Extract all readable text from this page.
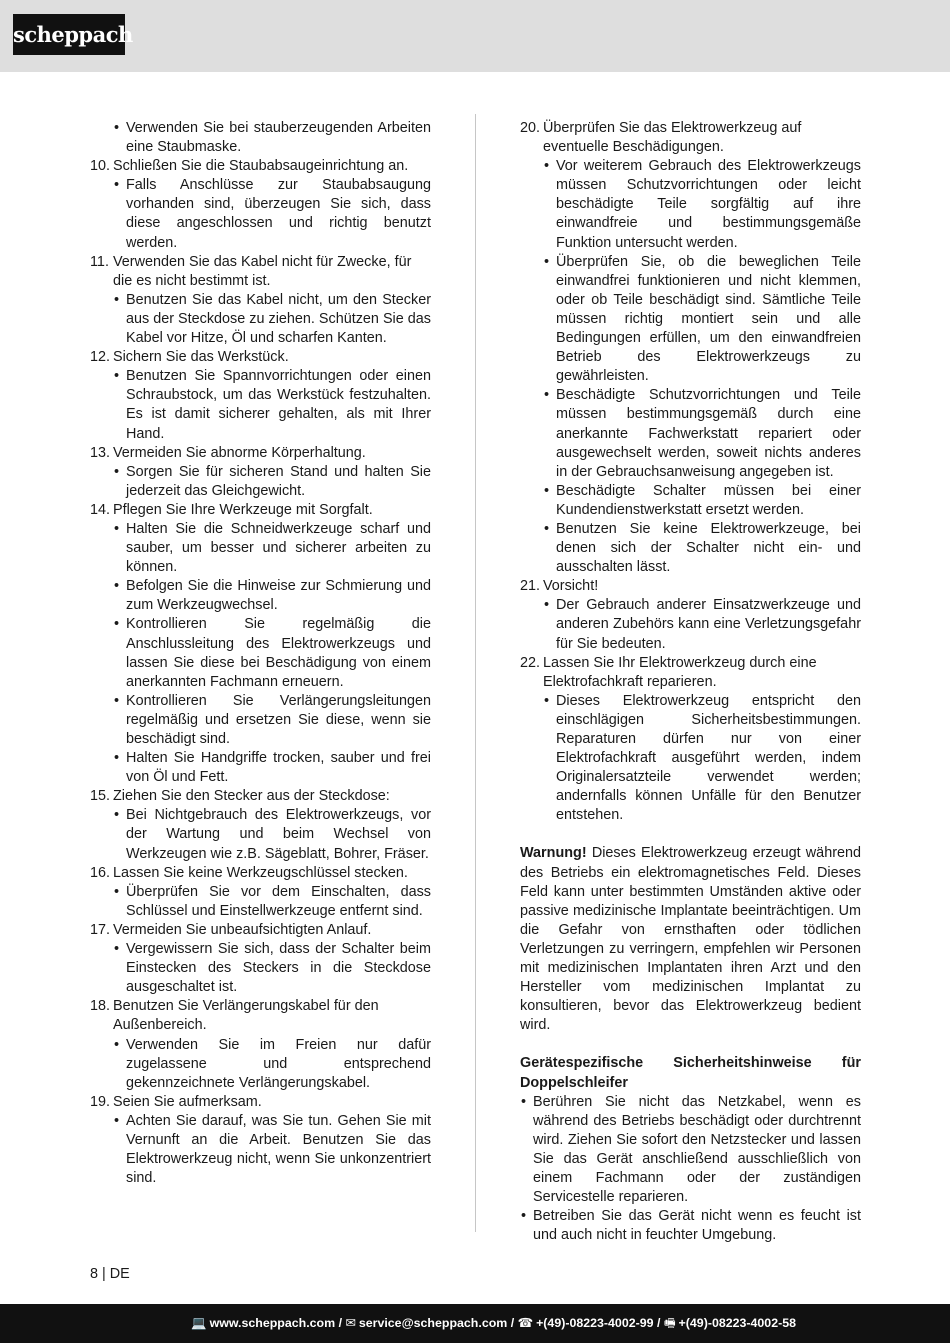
scheppach
• Verwenden Sie bei stauberzeugenden Arbeiten eine Staubmaske.
10. Schließen Sie die Staubabsaugeinrichtung an.
• Falls Anschlüsse zur Staubabsaugung vorhanden sind, überzeugen Sie sich, dass diese angeschlossen und richtig benutzt werden.
11. Verwenden Sie das Kabel nicht für Zwecke, für die es nicht bestimmt ist.
• Benutzen Sie das Kabel nicht, um den Stecker aus der Steckdose zu ziehen. Schützen Sie das Kabel vor Hitze, Öl und scharfen Kanten.
12. Sichern Sie das Werkstück.
• Benutzen Sie Spannvorrichtungen oder einen Schraubstock, um das Werkstück festzuhalten. Es ist damit sicherer gehalten, als mit Ihrer Hand.
13. Vermeiden Sie abnorme Körperhaltung.
• Sorgen Sie für sicheren Stand und halten Sie jederzeit das Gleichgewicht.
14. Pflegen Sie Ihre Werkzeuge mit Sorgfalt.
• Halten Sie die Schneidwerkzeuge scharf und sauber, um besser und sicherer arbeiten zu können.
• Befolgen Sie die Hinweise zur Schmierung und zum Werkzeugwechsel.
• Kontrollieren Sie regelmäßig die Anschlussleitung des Elektrowerkzeugs und lassen Sie diese bei Beschädigung von einem anerkannten Fachmann erneuern.
• Kontrollieren Sie Verlängerungsleitungen regelmäßig und ersetzen Sie diese, wenn sie beschädigt sind.
• Halten Sie Handgriffe trocken, sauber und frei von Öl und Fett.
15. Ziehen Sie den Stecker aus der Steckdose:
• Bei Nichtgebrauch des Elektrowerkzeugs, vor der Wartung und beim Wechsel von Werkzeugen wie z.B. Sägeblatt, Bohrer, Fräser.
16. Lassen Sie keine Werkzeugschlüssel stecken.
• Überprüfen Sie vor dem Einschalten, dass Schlüssel und Einstellwerkzeuge entfernt sind.
17. Vermeiden Sie unbeaufsichtigten Anlauf.
• Vergewissern Sie sich, dass der Schalter beim Einstecken des Steckers in die Steckdose ausgeschaltet ist.
18. Benutzen Sie Verlängerungskabel für den Außenbereich.
• Verwenden Sie im Freien nur dafür zugelassene und entsprechend gekennzeichnete Verlängerungskabel.
19. Seien Sie aufmerksam.
• Achten Sie darauf, was Sie tun. Gehen Sie mit Vernunft an die Arbeit. Benutzen Sie das Elektrowerkzeug nicht, wenn Sie unkonzentriert sind.
20. Überprüfen Sie das Elektrowerkzeug auf eventuelle Beschädigungen.
• Vor weiterem Gebrauch des Elektrowerkzeugs müssen Schutzvorrichtungen oder leicht beschädigte Teile sorgfältig auf ihre einwandfreie und bestimmungsgemäße Funktion untersucht werden.
• Überprüfen Sie, ob die beweglichen Teile einwandfrei funktionieren und nicht klemmen, oder ob Teile beschädigt sind. Sämtliche Teile müssen richtig montiert sein und alle Bedingungen erfüllen, um den einwandfreien Betrieb des Elektrowerkzeugs zu gewährleisten.
• Beschädigte Schutzvorrichtungen und Teile müssen bestimmungsgemäß durch eine anerkannte Fachwerkstatt repariert oder ausgewechselt werden, soweit nichts anderes in der Gebrauchsanweisung angegeben ist.
• Beschädigte Schalter müssen bei einer Kundendienstwerkstatt ersetzt werden.
• Benutzen Sie keine Elektrowerkzeuge, bei denen sich der Schalter nicht ein- und ausschalten lässt.
21. Vorsicht!
• Der Gebrauch anderer Einsatzwerkzeuge und anderen Zubehörs kann eine Verletzungsgefahr für Sie bedeuten.
22. Lassen Sie Ihr Elektrowerkzeug durch eine Elektrofachkraft reparieren.
• Dieses Elektrowerkzeug entspricht den einschlägigen Sicherheitsbestimmungen. Reparaturen dürfen nur von einer Elektrofachkraft ausgeführt werden, indem Originalersatzteile verwendet werden; andernfalls können Unfälle für den Benutzer entstehen.

Warnung! Dieses Elektrowerkzeug erzeugt während des Betriebs ein elektromagnetisches Feld. Dieses Feld kann unter bestimmten Umständen aktive oder passive medizinische Implantate beeinträchtigen. Um die Gefahr von ernsthaften oder tödlichen Verletzungen zu verringern, empfehlen wir Personen mit medizinischen Implantaten ihren Arzt und den Hersteller vom medizinischen Implantat zu konsultieren, bevor das Elektrowerkzeug bedient wird.

Gerätespezifische Sicherheitshinweise für Doppelschleifer

• Berühren Sie nicht das Netzkabel, wenn es während des Betriebs beschädigt oder durchtrennt wird. Ziehen Sie sofort den Netzstecker und lassen Sie das Gerät anschließend ausschließlich von einem Fachmann oder der zuständigen Servicestelle reparieren.
• Betreiben Sie das Gerät nicht wenn es feucht ist und auch nicht in feuchter Umgebung.
8 | DE
💻 www.scheppach.com / ✉ service@scheppach.com / ☎ +(49)-08223-4002-99 / 🖷 +(49)-08223-4002-58
